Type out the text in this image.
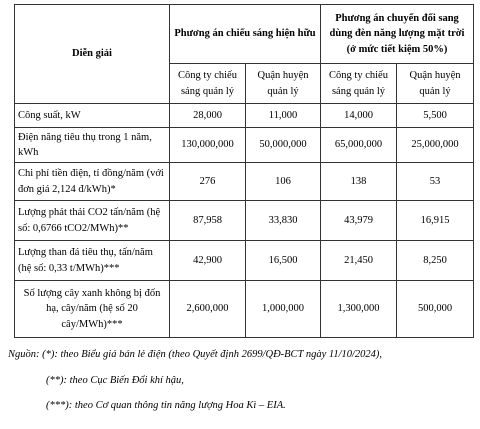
Diễn giải	Phương án chiếu sáng hiện hữu		Phương án chuyển đổi sang dùng đèn năng lượng mặt trời (ở mức tiết kiệm 50%)	
	Công ty chiếu sáng quản lý	Quận huyện quản lý	Công ty chiếu sáng quản lý	Quận huyện quản lý
Công suất, kW	28,000	11,000	14,000	5,500
Điện năng tiêu thụ trong 1 năm, kWh	130,000,000	50,000,000	65,000,000	25,000,000
Chi phí tiền điện, tỉ đồng/năm (với đơn giá 2,124 đ/kWh)*	276	106	138	53
Lượng phát thải CO2 tấn/năm (hệ số: 0,6766 tCO2/MWh)**	87,958	33,830	43,979	16,915
Lượng than đá tiêu thụ, tấn/năm (hệ số: 0,33 t/MWh)***	42,900	16,500	21,450	8,250
Số lượng cây xanh không bị đốn hạ, cây/năm (hệ số 20 cây/MWh)***	2,600,000	1,000,000	1,300,000	500,000
Nguồn: (*): theo Biểu giá bán lẻ điện (theo Quyết định 2699/QĐ-BCT ngày 11/10/2024),
(**): theo Cục Biến Đổi khí hậu,
(***): theo Cơ quan thông tin năng lượng Hoa Kì – EIA.
